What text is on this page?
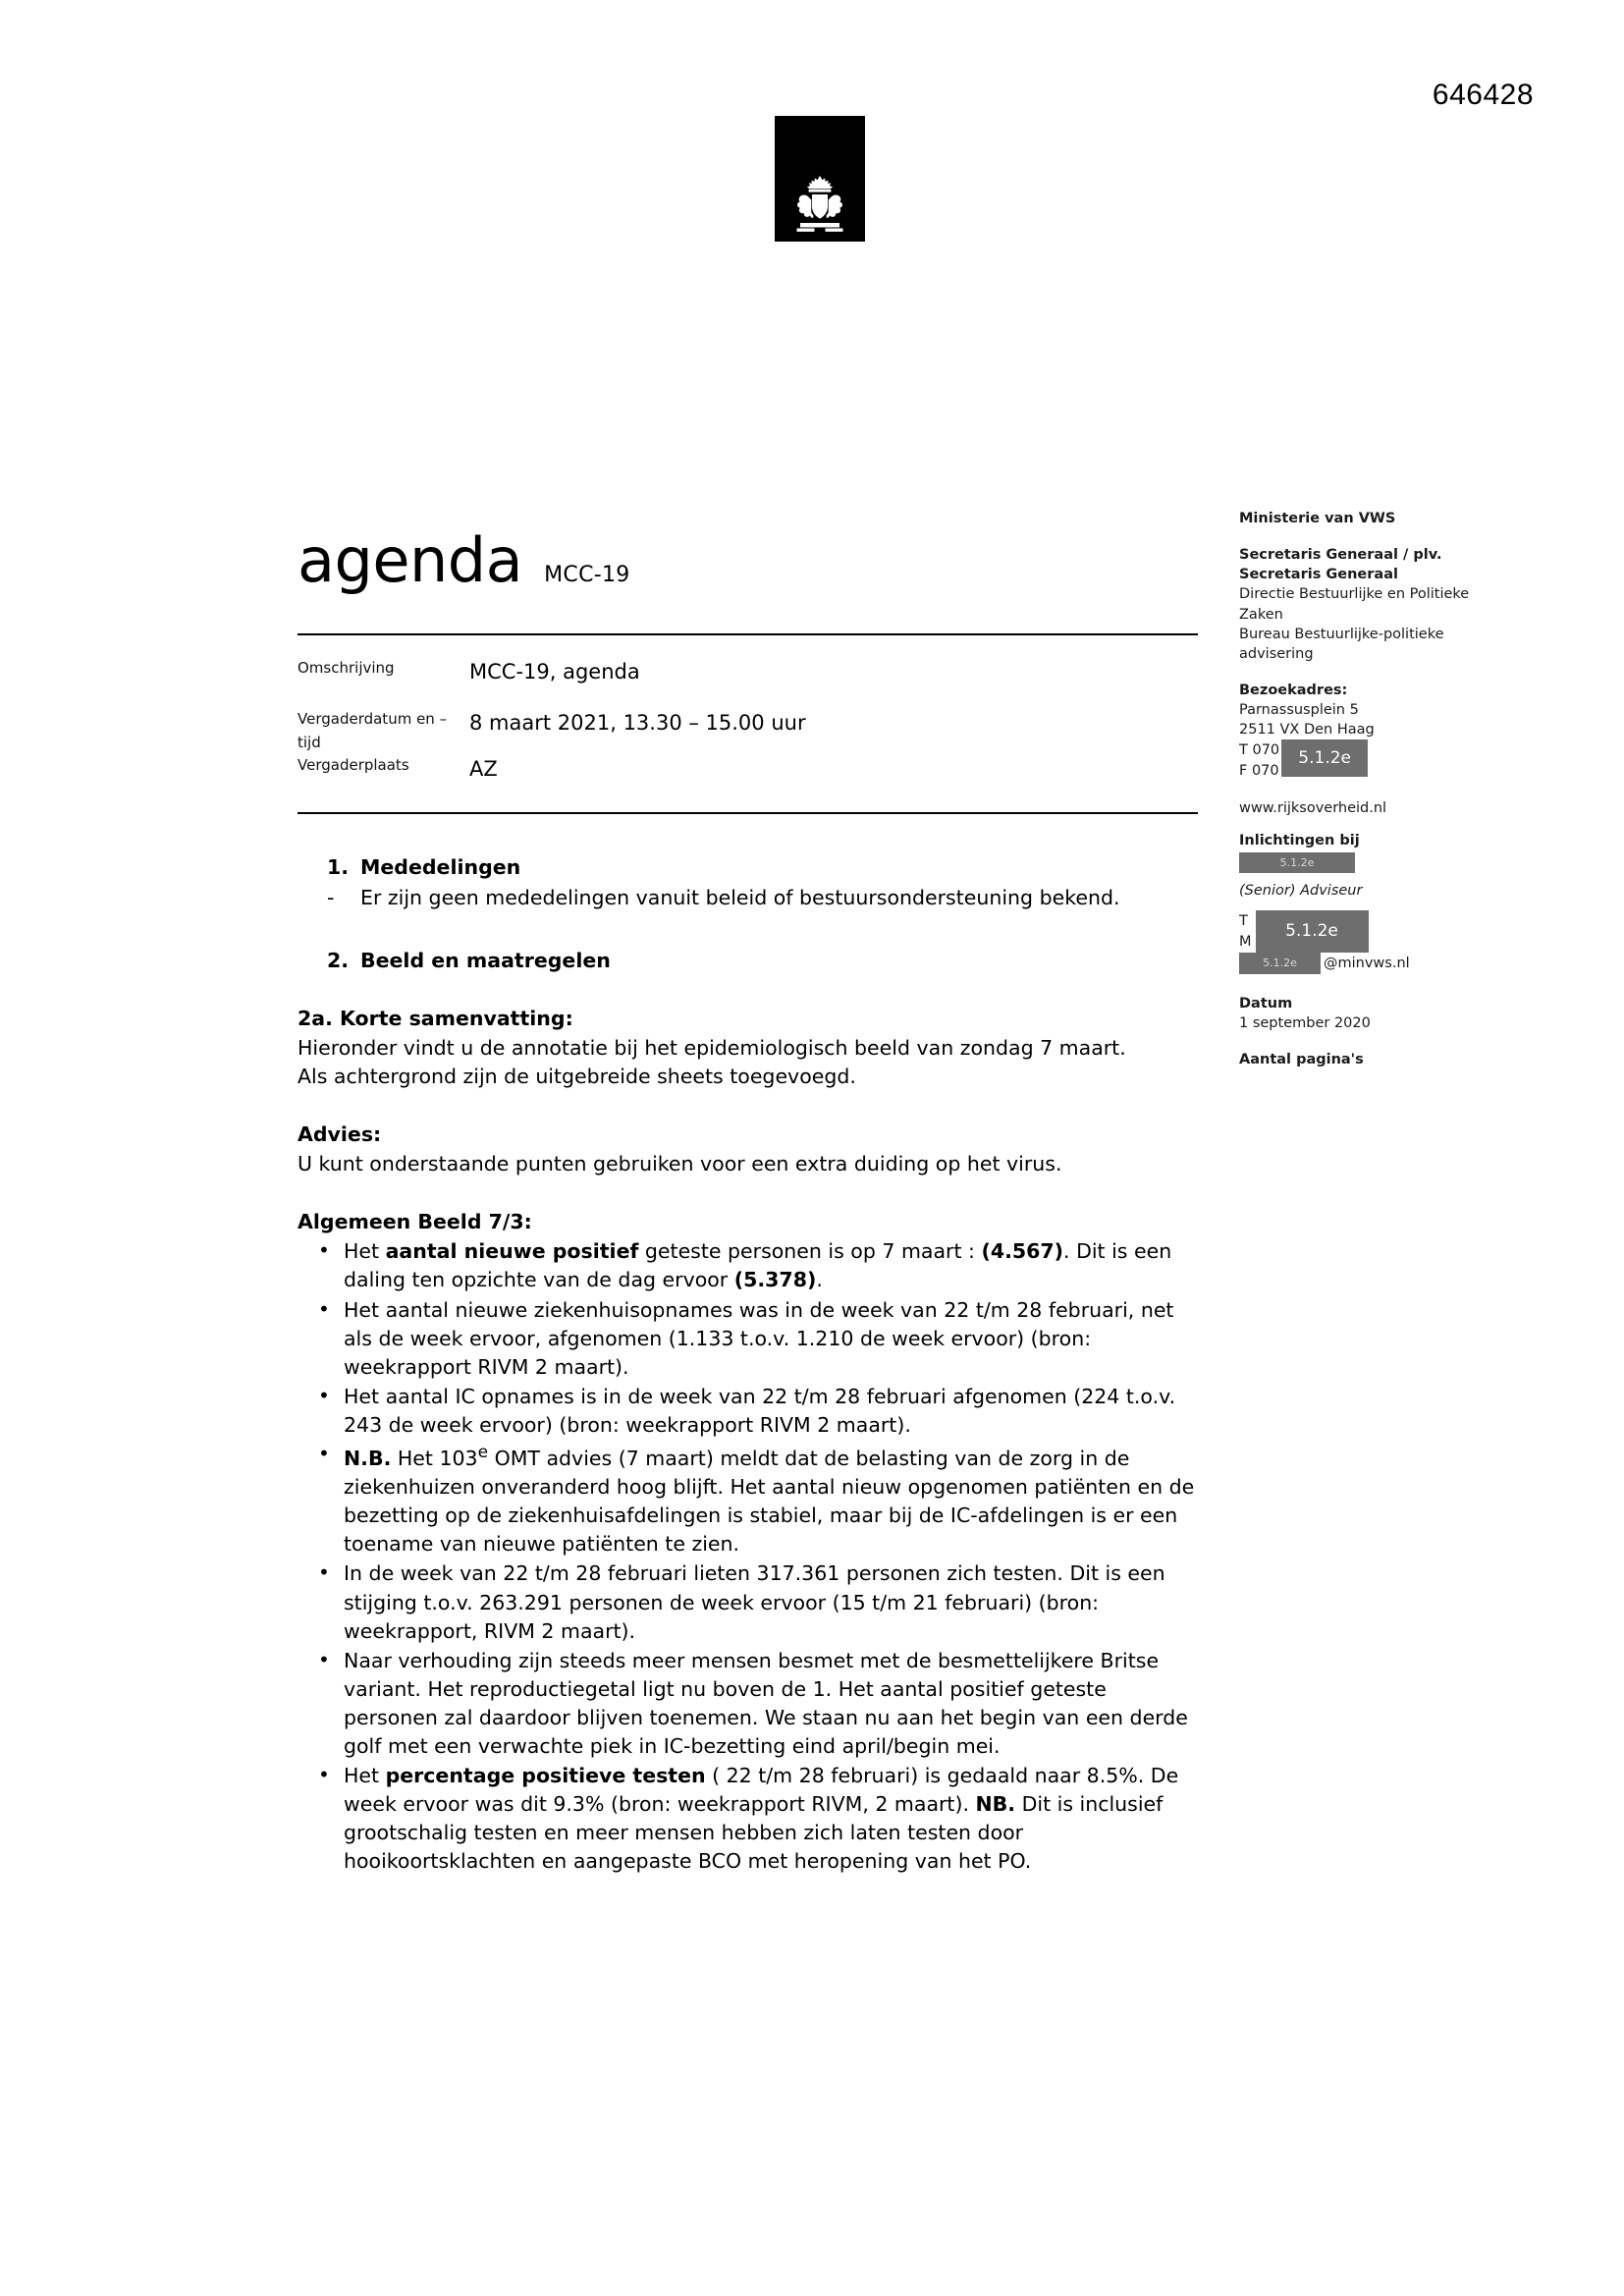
646428
agenda MCC-19
Omschrijving	MCC-19, agenda

Vergaderdatum en –tijd	8 maart 2021, 13.30 – 15.00 uur
Vergaderplaats	AZ
1. Mededelingen
-	Er zijn geen mededelingen vanuit beleid of bestuursondersteuning bekend.
2. Beeld en maatregelen
2a. Korte samenvatting:
Hieronder vindt u de annotatie bij het epidemiologisch beeld van zondag 7 maart.
Als achtergrond zijn de uitgebreide sheets toegevoegd.
Advies:
U kunt onderstaande punten gebruiken voor een extra duiding op het virus.
Algemeen Beeld 7/3:
• Het aantal nieuwe positief geteste personen is op 7 maart : (4.567). Dit is een daling ten opzichte van de dag ervoor (5.378).
• Het aantal nieuwe ziekenhuisopnames was in de week van 22 t/m 28 februari, net als de week ervoor, afgenomen (1.133 t.o.v. 1.210 de week ervoor) (bron: weekrapport RIVM 2 maart).
• Het aantal IC opnames is in de week van 22 t/m 28 februari afgenomen (224 t.o.v. 243 de week ervoor) (bron: weekrapport RIVM 2 maart).
• N.B. Het 103e OMT advies (7 maart) meldt dat de belasting van de zorg in de ziekenhuizen onveranderd hoog blijft. Het aantal nieuw opgenomen patiënten en de bezetting op de ziekenhuisafdelingen is stabiel, maar bij de IC-afdelingen is er een toename van nieuwe patiënten te zien.
• In de week van 22 t/m 28 februari lieten 317.361 personen zich testen. Dit is een stijging t.o.v. 263.291 personen de week ervoor (15 t/m 21 februari) (bron: weekrapport, RIVM 2 maart).
• Naar verhouding zijn steeds meer mensen besmet met de besmettelijkere Britse variant. Het reproductiegetal ligt nu boven de 1. Het aantal positief geteste personen zal daardoor blijven toenemen. We staan nu aan het begin van een derde golf met een verwachte piek in IC-bezetting eind april/begin mei.
• Het percentage positieve testen ( 22 t/m 28 februari) is gedaald naar 8.5%. De week ervoor was dit 9.3% (bron: weekrapport RIVM, 2 maart). NB. Dit is inclusief grootschalig testen en meer mensen hebben zich laten testen door hooikoortsklachten en aangepaste BCO met heropening van het PO.
Ministerie van VWS
Secretaris Generaal / plv.
Secretaris Generaal
Directie Bestuurlijke en Politieke
Zaken
Bureau Bestuurlijke-politieke
advisering
Bezoekadres:
Parnassusplein 5
2511 VX Den Haag
T 070
F 070
5.1.2e
www.rijksoverheid.nl
Inlichtingen bij
5.1.2e
(Senior) Adviseur
T
M
5.1.2e
5.1.2e	@minvws.nl
Datum
1 september 2020
Aantal pagina's
